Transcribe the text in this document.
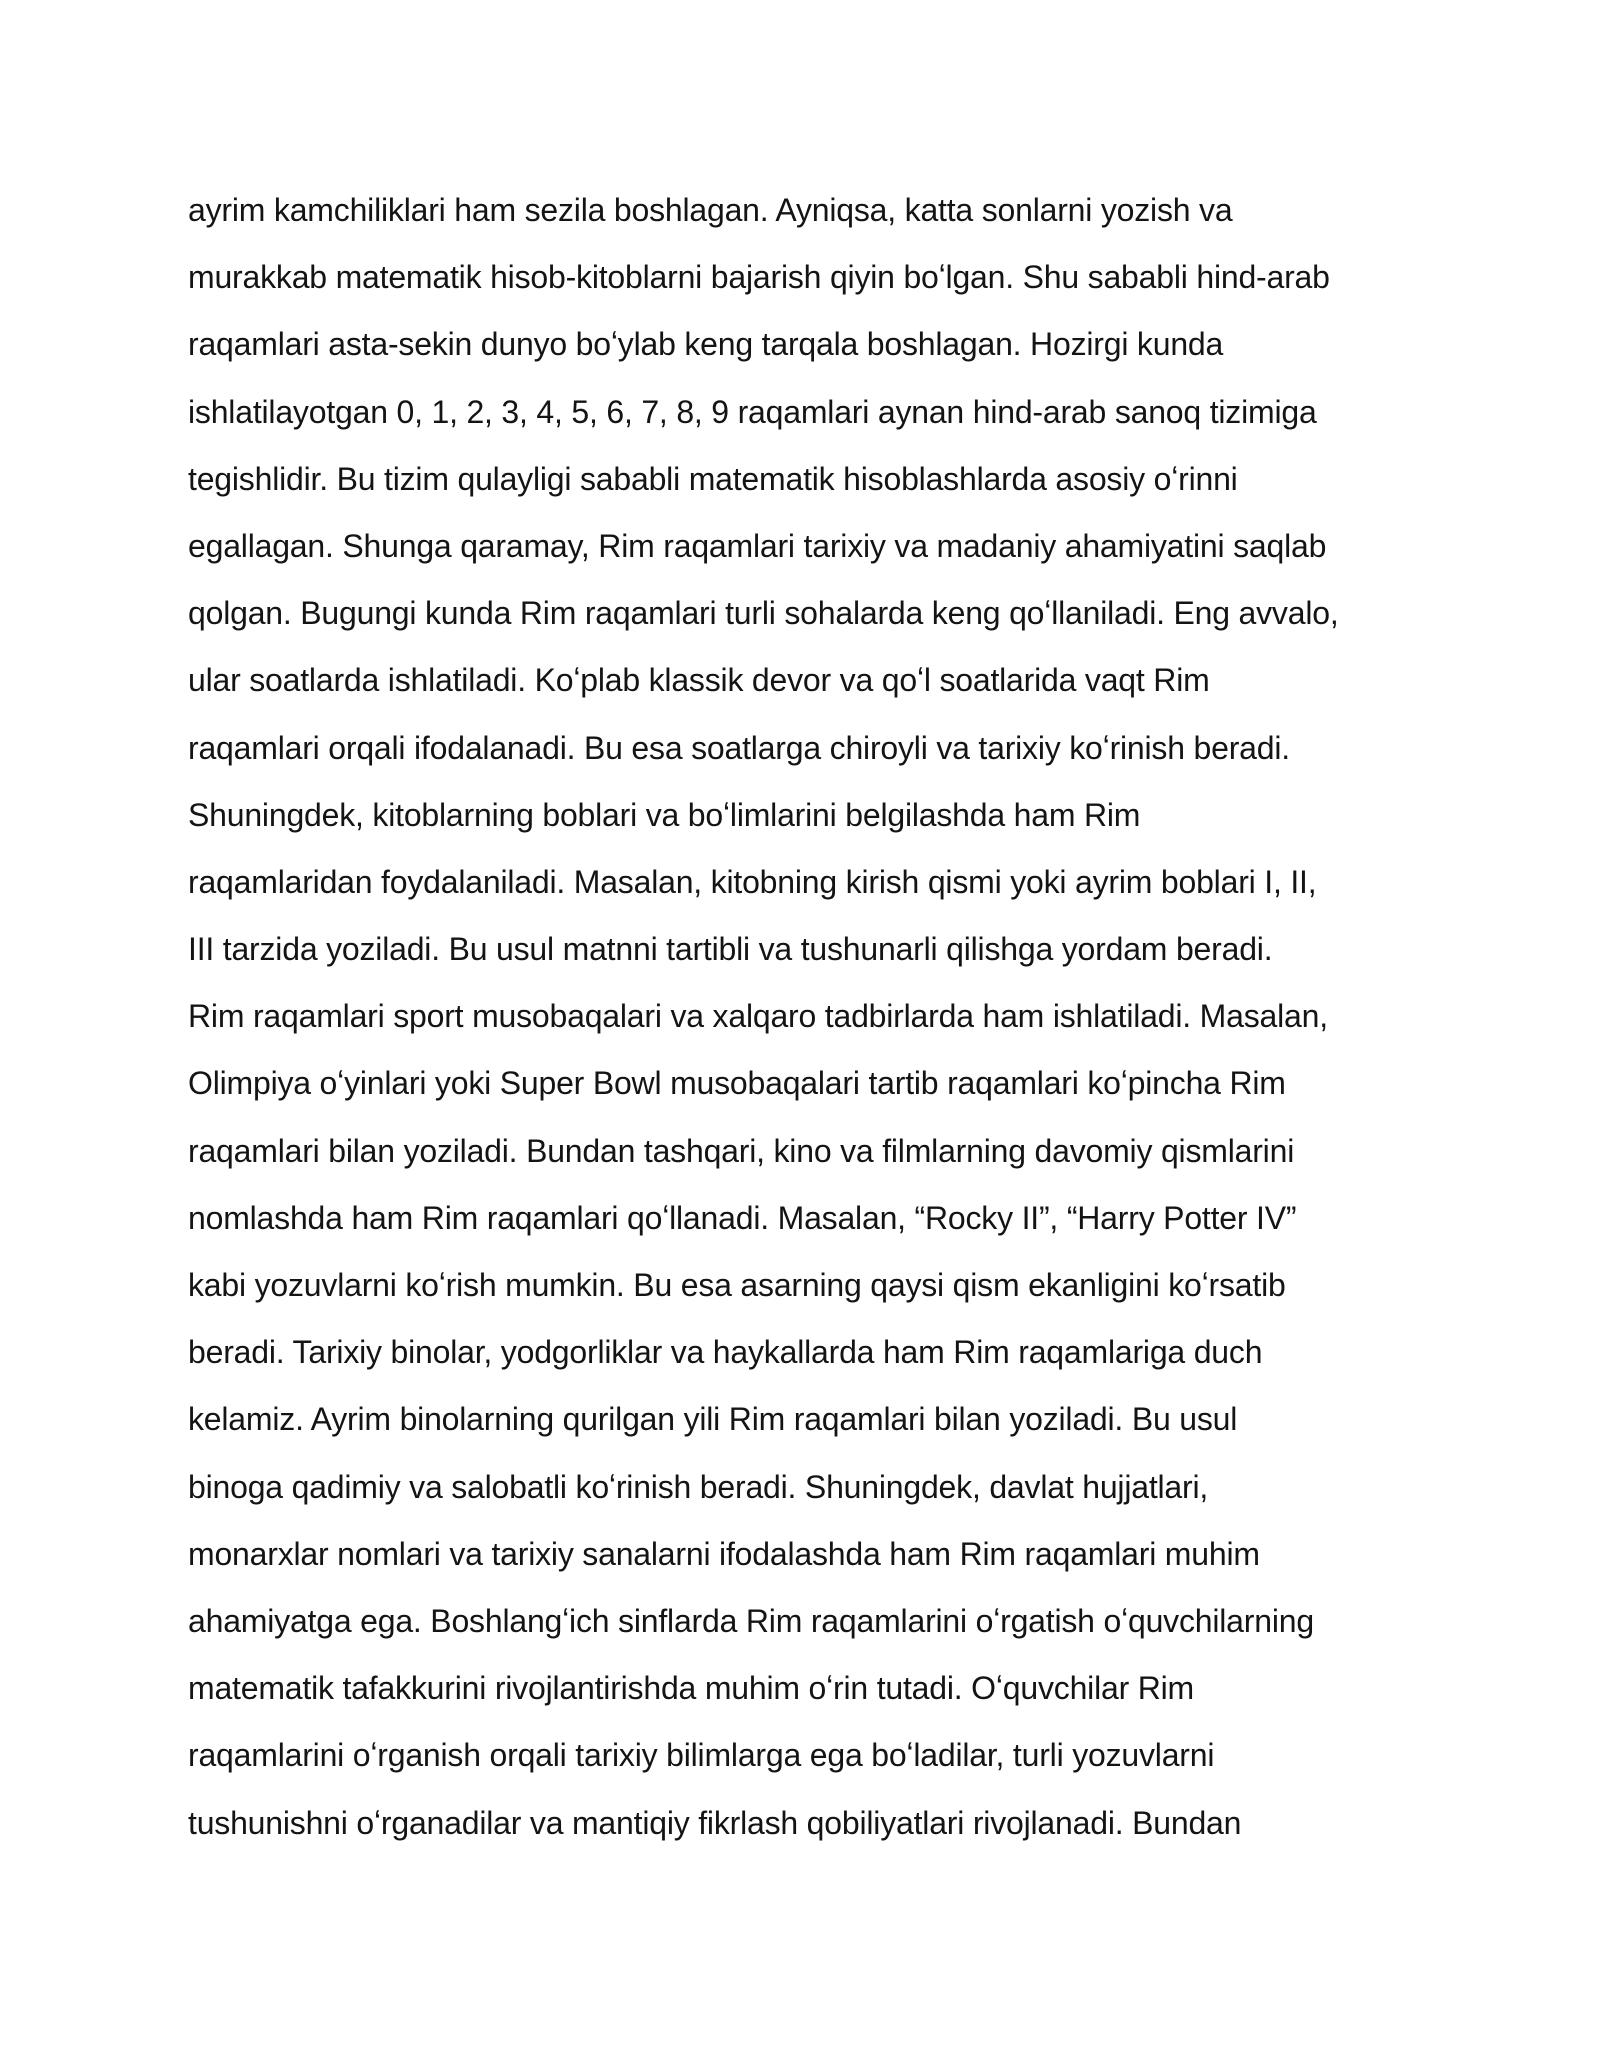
ayrim kamchiliklari ham sezila boshlagan. Ayniqsa, katta sonlarni yozish va
murakkab matematik hisob-kitoblarni bajarish qiyin boʻlgan. Shu sababli hind-arab
raqamlari asta-sekin dunyo boʻylab keng tarqala boshlagan. Hozirgi kunda
ishlatilayotgan 0, 1, 2, 3, 4, 5, 6, 7, 8, 9 raqamlari aynan hind-arab sanoq tizimiga
tegishlidir. Bu tizim qulayligi sababli matematik hisoblashlarda asosiy oʻrinni
egallagan. Shunga qaramay, Rim raqamlari tarixiy va madaniy ahamiyatini saqlab
qolgan. Bugungi kunda Rim raqamlari turli sohalarda keng qoʻllaniladi. Eng avvalo,
ular soatlarda ishlatiladi. Koʻplab klassik devor va qoʻl soatlarida vaqt Rim
raqamlari orqali ifodalanadi. Bu esa soatlarga chiroyli va tarixiy koʻrinish beradi.
Shuningdek, kitoblarning boblari va boʻlimlarini belgilashda ham Rim
raqamlaridan foydalaniladi. Masalan, kitobning kirish qismi yoki ayrim boblari I, II,
III tarzida yoziladi. Bu usul matnni tartibli va tushunarli qilishga yordam beradi.
Rim raqamlari sport musobaqalari va xalqaro tadbirlarda ham ishlatiladi. Masalan,
Olimpiya oʻyinlari yoki Super Bowl musobaqalari tartib raqamlari koʻpincha Rim
raqamlari bilan yoziladi. Bundan tashqari, kino va filmlarning davomiy qismlarini
nomlashda ham Rim raqamlari qoʻllanadi. Masalan, “Rocky II”, “Harry Potter IV”
kabi yozuvlarni koʻrish mumkin. Bu esa asarning qaysi qism ekanligini koʻrsatib
beradi. Tarixiy binolar, yodgorliklar va haykallarda ham Rim raqamlariga duch
kelamiz. Ayrim binolarning qurilgan yili Rim raqamlari bilan yoziladi. Bu usul
binoga qadimiy va salobatli koʻrinish beradi. Shuningdek, davlat hujjatlari,
monarxlar nomlari va tarixiy sanalarni ifodalashda ham Rim raqamlari muhim
ahamiyatga ega. Boshlangʻich sinflarda Rim raqamlarini oʻrgatish oʻquvchilarning
matematik tafakkurini rivojlantirishda muhim oʻrin tutadi. Oʻquvchilar Rim
raqamlarini oʻrganish orqali tarixiy bilimlarga ega boʻladilar, turli yozuvlarni
tushunishni oʻrganadilar va mantiqiy fikrlash qobiliyatlari rivojlanadi. Bundan
